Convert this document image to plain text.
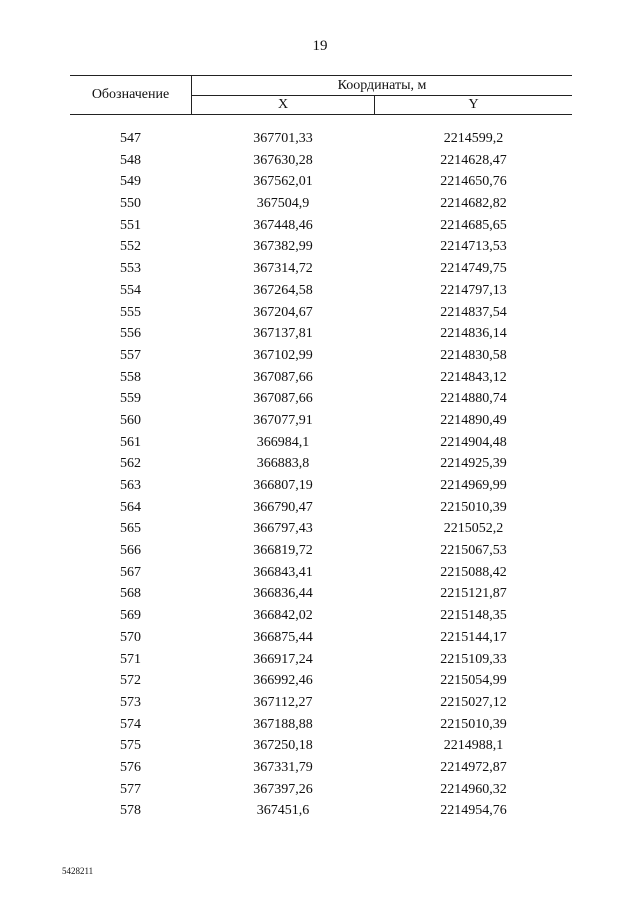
19
Обозначение
Координаты, м
X	Y
547	367701,33	2214599,2
548	367630,28	2214628,47
549	367562,01	2214650,76
550	367504,9	2214682,82
551	367448,46	2214685,65
552	367382,99	2214713,53
553	367314,72	2214749,75
554	367264,58	2214797,13
555	367204,67	2214837,54
556	367137,81	2214836,14
557	367102,99	2214830,58
558	367087,66	2214843,12
559	367087,66	2214880,74
560	367077,91	2214890,49
561	366984,1	2214904,48
562	366883,8	2214925,39
563	366807,19	2214969,99
564	366790,47	2215010,39
565	366797,43	2215052,2
566	366819,72	2215067,53
567	366843,41	2215088,42
568	366836,44	2215121,87
569	366842,02	2215148,35
570	366875,44	2215144,17
571	366917,24	2215109,33
572	366992,46	2215054,99
573	367112,27	2215027,12
574	367188,88	2215010,39
575	367250,18	2214988,1
576	367331,79	2214972,87
577	367397,26	2214960,32
578	367451,6	2214954,76
5428211
